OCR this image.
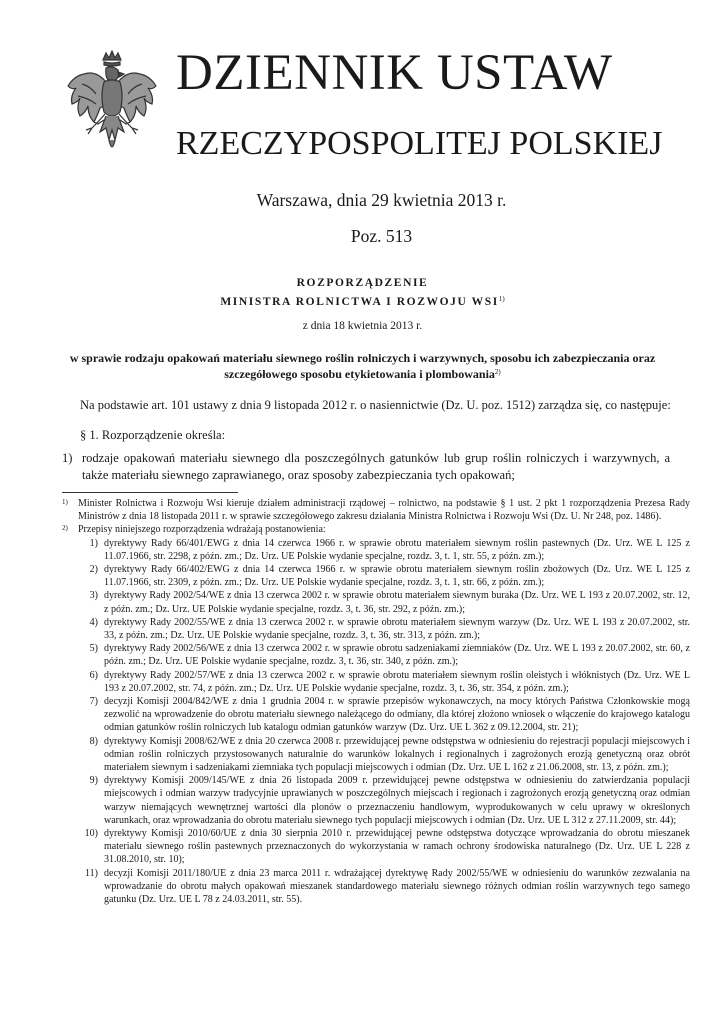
DZIENNIK USTAW
RZECZYPOSPOLITEJ POLSKIEJ
Warszawa, dnia 29 kwietnia 2013 r.
Poz. 513
ROZPORZĄDZENIE
MINISTRA ROLNICTWA I ROZWOJU WSI$^{1)}$
z dnia 18 kwietnia 2013 r.
w sprawie rodzaju opakowań materiału siewnego roślin rolniczych i warzywnych, sposobu ich zabezpieczania oraz szczegółowego sposobu etykietowania i plombowania$^{2)}$
Na podstawie art. 101 ustawy z dnia 9 listopada 2012 r. o nasiennictwie (Dz. U. poz. 1512) zarządza się, co następuje:
§ 1. Rozporządzenie określa:
1) rodzaje opakowań materiału siewnego dla poszczególnych gatunków lub grup roślin rolniczych i warzywnych, a także materiału siewnego zaprawianego, oraz sposoby zabezpieczania tych opakowań;
1)	Minister Rolnictwa i Rozwoju Wsi kieruje działem administracji rządowej – rolnictwo, na podstawie § 1 ust. 2 pkt 1 rozporządzenia Prezesa Rady Ministrów z dnia 18 listopada 2011 r. w sprawie szczegółowego zakresu działania Ministra Rolnictwa i Rozwoju Wsi (Dz. U. Nr 248, poz. 1486).
2)	Przepisy niniejszego rozporządzenia wdrażają postanowienia:
1) dyrektywy Rady 66/401/EWG z dnia 14 czerwca 1966 r. w sprawie obrotu materiałem siewnym roślin pastewnych (Dz. Urz. WE L 125 z 11.07.1966, str. 2298, z późn. zm.; Dz. Urz. UE Polskie wydanie specjalne, rozdz. 3, t. 1, str. 55, z późn. zm.);
2) dyrektywy Rady 66/402/EWG z dnia 14 czerwca 1966 r. w sprawie obrotu materiałem siewnym roślin zbożowych (Dz. Urz. WE L 125 z 11.07.1966, str. 2309, z późn. zm.; Dz. Urz. UE Polskie wydanie specjalne, rozdz. 3, t. 1, str. 66, z późn. zm.);
3) dyrektywy Rady 2002/54/WE z dnia 13 czerwca 2002 r. w sprawie obrotu materiałem siewnym buraka (Dz. Urz. WE L 193 z 20.07.2002, str. 12, z późn. zm.; Dz. Urz. UE Polskie wydanie specjalne, rozdz. 3, t. 36, str. 292, z późn. zm.);
4) dyrektywy Rady 2002/55/WE z dnia 13 czerwca 2002 r. w sprawie obrotu materiałem siewnym warzyw (Dz. Urz. WE L 193 z 20.07.2002, str. 33, z późn. zm.; Dz. Urz. UE Polskie wydanie specjalne, rozdz. 3, t. 36, str. 313, z późn. zm.);
5) dyrektywy Rady 2002/56/WE z dnia 13 czerwca 2002 r. w sprawie obrotu sadzeniakami ziemniaków (Dz. Urz. WE L 193 z 20.07.2002, str. 60, z późn. zm.; Dz. Urz. UE Polskie wydanie specjalne, rozdz. 3, t. 36, str. 340, z późn. zm.);
6) dyrektywy Rady 2002/57/WE z dnia 13 czerwca 2002 r. w sprawie obrotu materiałem siewnym roślin oleistych i włóknistych (Dz. Urz. WE L 193 z 20.07.2002, str. 74, z późn. zm.; Dz. Urz. UE Polskie wydanie specjalne, rozdz. 3, t. 36, str. 354, z późn. zm.);
7) decyzji Komisji 2004/842/WE z dnia 1 grudnia 2004 r. w sprawie przepisów wykonawczych, na mocy których Państwa Członkowskie mogą zezwolić na wprowadzenie do obrotu materiału siewnego należącego do odmiany, dla której złożono wniosek o włączenie do krajowego katalogu odmian gatunków roślin rolniczych lub katalogu odmian gatunków warzyw (Dz. Urz. UE L 362 z 09.12.2004, str. 21);
8) dyrektywy Komisji 2008/62/WE z dnia 20 czerwca 2008 r. przewidującej pewne odstępstwa w odniesieniu do rejestracji populacji miejscowych i odmian roślin rolniczych przystosowanych naturalnie do warunków lokalnych i regionalnych i zagrożonych erozją genetyczną oraz obrót materiałem siewnym i sadzeniakami ziemniaka tych populacji miejscowych i odmian (Dz. Urz. UE L 162 z 21.06.2008, str. 13, z późn. zm.);
9) dyrektywy Komisji 2009/145/WE z dnia 26 listopada 2009 r. przewidującej pewne odstępstwa w odniesieniu do zatwierdzania populacji miejscowych i odmian warzyw tradycyjnie uprawianych w poszczególnych miejscach i regionach i zagrożonych erozją genetyczną oraz odmian warzyw niemających wewnętrznej wartości dla plonów o przeznaczeniu handlowym, wyprodukowanych w celu uprawy w określonych warunkach, oraz wprowadzania do obrotu materiału siewnego tych populacji miejscowych i odmian (Dz. Urz. UE L 312 z 27.11.2009, str. 44);
10) dyrektywy Komisji 2010/60/UE z dnia 30 sierpnia 2010 r. przewidującej pewne odstępstwa dotyczące wprowadzania do obrotu mieszanek materiału siewnego roślin pastewnych przeznaczonych do wykorzystania w ramach ochrony środowiska naturalnego (Dz. Urz. UE L 228 z 31.08.2010, str. 10);
11) decyzji Komisji 2011/180/UE z dnia 23 marca 2011 r. wdrażającej dyrektywę Rady 2002/55/WE w odniesieniu do warunków zezwalania na wprowadzanie do obrotu małych opakowań mieszanek standardowego materiału siewnego różnych odmian roślin warzywnych tego samego gatunku (Dz. Urz. UE L 78 z 24.03.2011, str. 55).
